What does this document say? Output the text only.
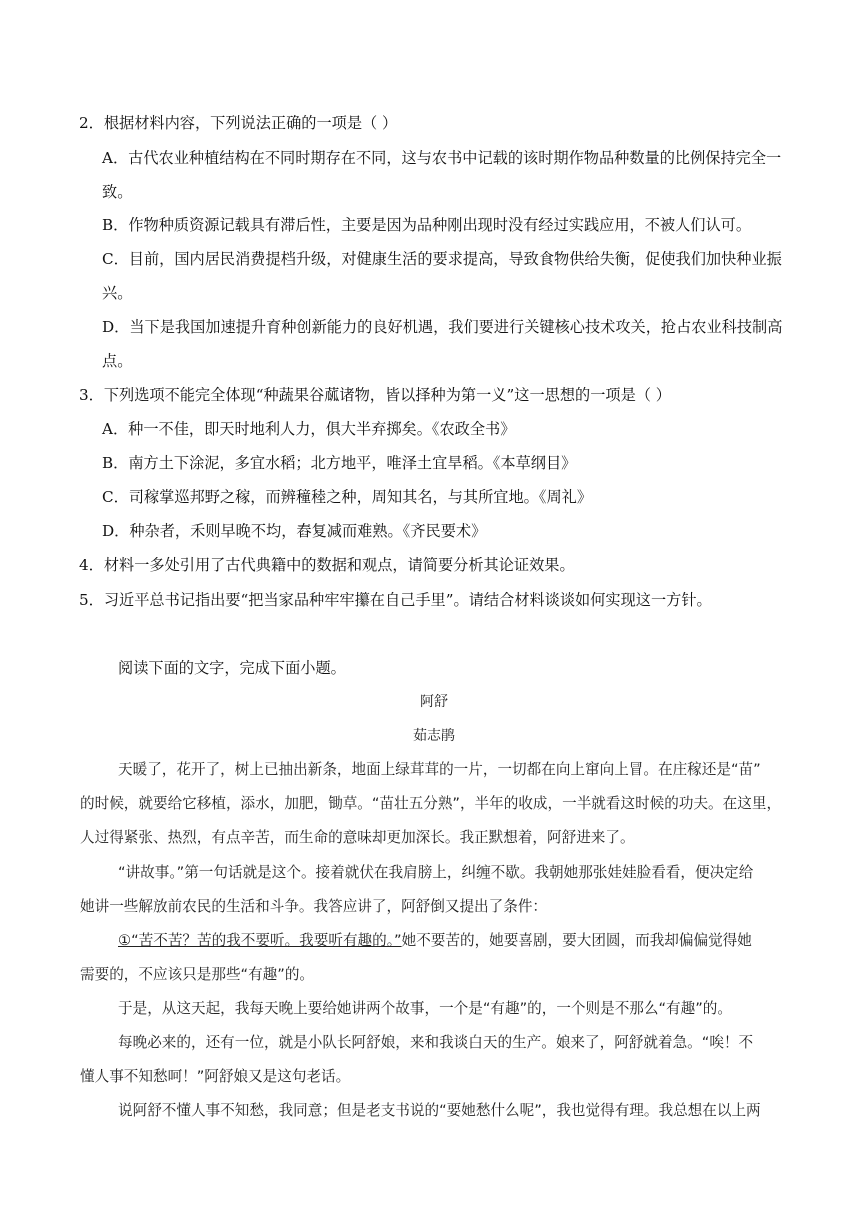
2．根据材料内容，下列说法正确的一项是（ ）
A．古代农业种植结构在不同时期存在不同，这与农书中记载的该时期作物品种数量的比例保持完全一
致。
B．作物种质资源记载具有滞后性，主要是因为品种刚出现时没有经过实践应用，不被人们认可。
C．目前，国内居民消费提档升级，对健康生活的要求提高，导致食物供给失衡，促使我们加快种业振
兴。
D．当下是我国加速提升育种创新能力的良好机遇，我们要进行关键核心技术攻关，抢占农业科技制高
点。
3．下列选项不能完全体现“种蔬果谷蓏诸物，皆以择种为第一义”这一思想的一项是（ ）
A．种一不佳，即天时地利人力，俱大半弃掷矣。《农政全书》
B．南方土下涂泥，多宜水稻；北方地平，唯泽土宜旱稻。《本草纲目》
C．司稼掌巡邦野之稼，而辨穜稑之种，周知其名，与其所宜地。《周礼》
D．种杂者，禾则早晚不均，舂复减而难熟。《齐民要术》
4．材料一多处引用了古代典籍中的数据和观点，请简要分析其论证效果。
5．习近平总书记指出要“把当家品种牢牢攥在自己手里”。请结合材料谈谈如何实现这一方针。
阅读下面的文字，完成下面小题。
阿舒
茹志鹃
天暖了，花开了，树上已抽出新条，地面上绿茸茸的一片，一切都在向上窜向上冒。在庄稼还是“苗”
的时候，就要给它移植，添水，加肥，锄草。“苗壮五分熟”，半年的收成，一半就看这时候的功夫。在这里，
人过得紧张、热烈，有点辛苦，而生命的意味却更加深长。我正默想着，阿舒进来了。
“讲故事。”第一句话就是这个。接着就伏在我肩膀上，纠缠不歇。我朝她那张娃娃脸看看，便决定给
她讲一些解放前农民的生活和斗争。我答应讲了，阿舒倒又提出了条件：
①“苦不苦？苦的我不要听。我要听有趣的。”她不要苦的，她要喜剧，要大团圆，而我却偏偏觉得她
需要的，不应该只是那些“有趣”的。
于是，从这天起，我每天晚上要给她讲两个故事，一个是“有趣”的，一个则是不那么“有趣”的。
每晚必来的，还有一位，就是小队长阿舒娘，来和我谈白天的生产。娘来了，阿舒就着急。“唉！不
懂人事不知愁呵！”阿舒娘又是这句老话。
说阿舒不懂人事不知愁，我同意；但是老支书说的“要她愁什么呢”，我也觉得有理。我总想在以上两
